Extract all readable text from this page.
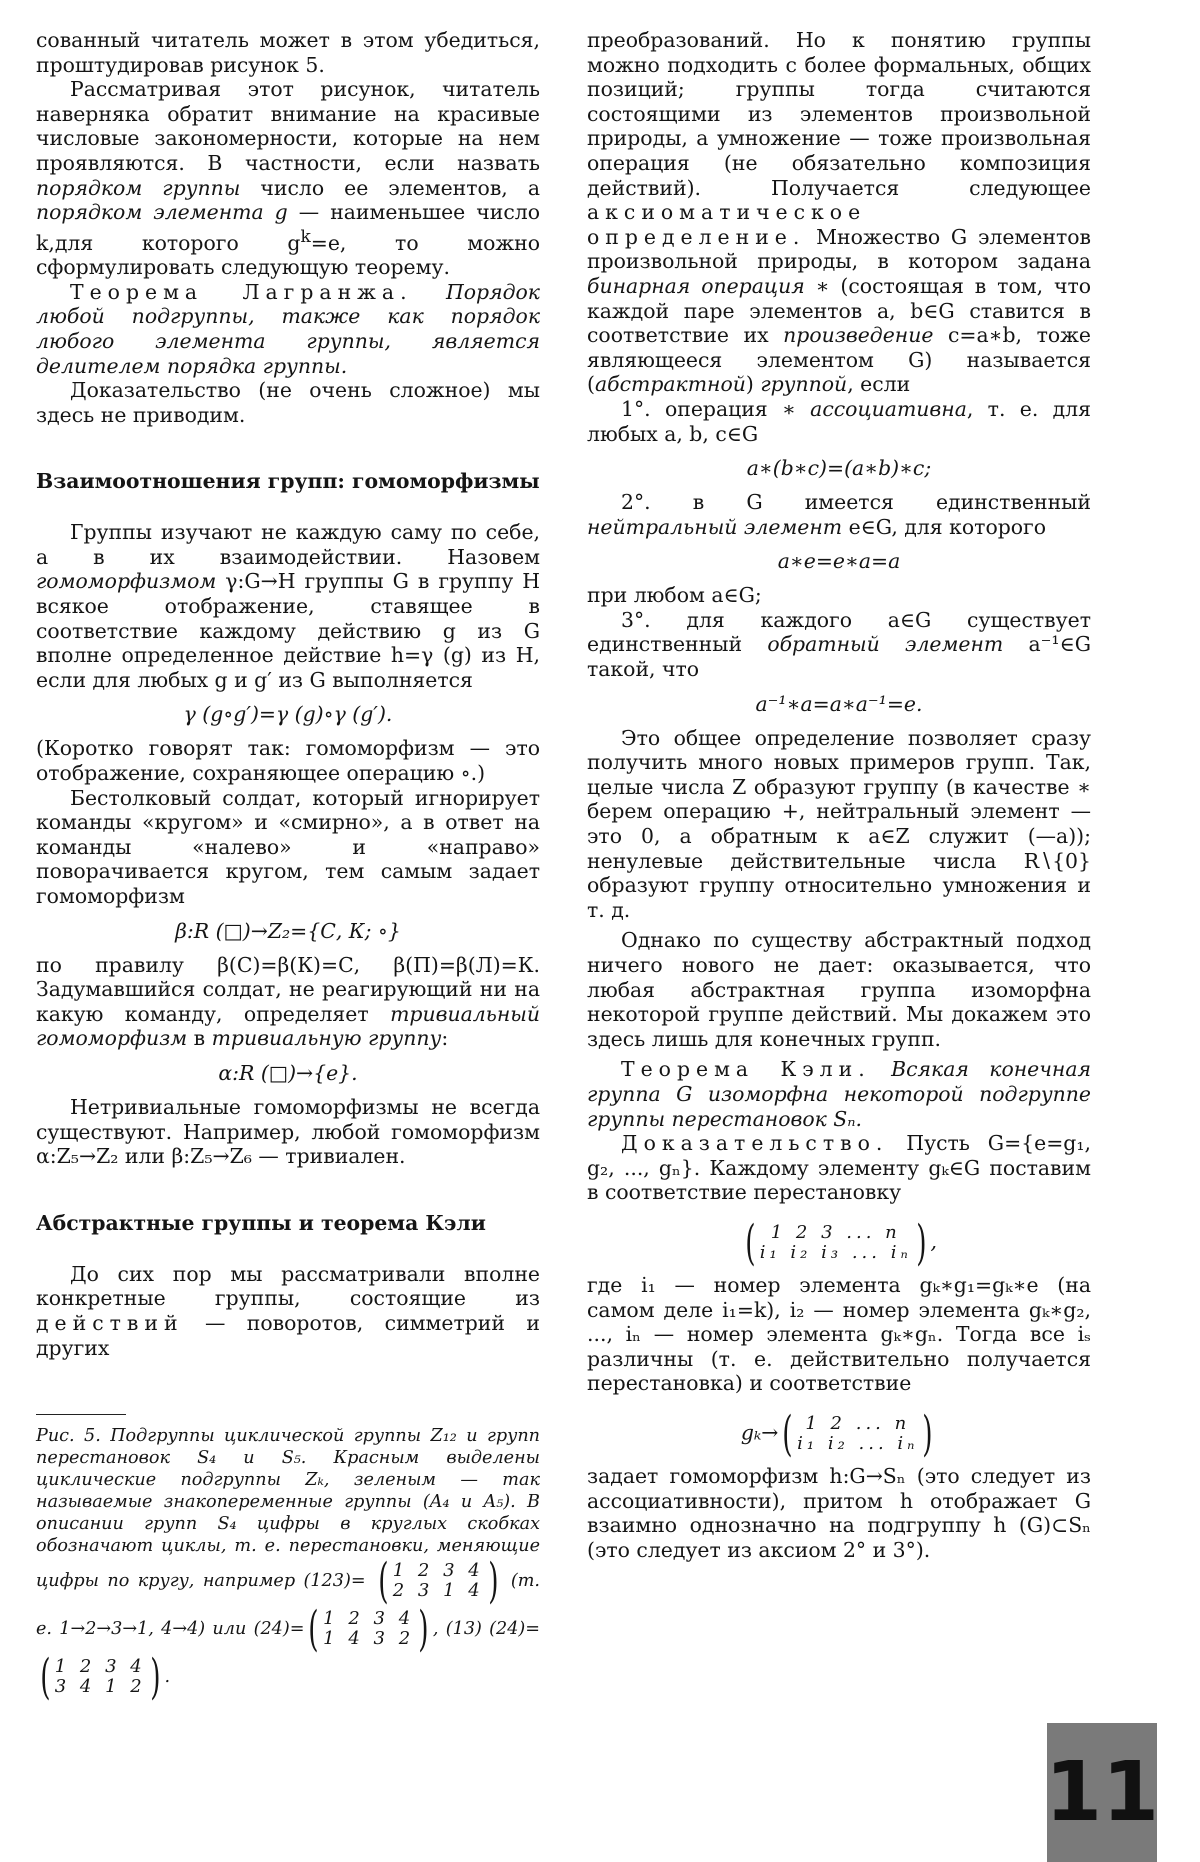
сованный читатель может в этом убедиться, проштудировав рисунок 5.

Рассматривая этот рисунок, читатель наверняка обратит внимание на красивые числовые закономерности, которые на нем проявляются. В частности, если назвать порядком группы число ее элементов, а порядком элемента g — наименьшее число k,для которого $g^k=e$, то можно сформулировать следующую теорему.

Теорема Лагранжа. Порядок любой подгруппы, также как порядок любого элемента группы, является делителем порядка группы.

Доказательство (не очень сложное) мы здесь не приводим.

Взаимоотношения групп: гомоморфизмы

Группы изучают не каждую саму по себе, а в их взаимодействии. Назовем гомоморфизмом γ:G→H группы G в группу H всякое отображение, ставящее в соответствие каждому действию g из G вполне определенное действие h=γ (g) из H, если для любых g и g′ из G выполняется

γ (g∘g′)=γ (g)∘γ (g′).

(Коротко говорят так: гомоморфизм — это отображение, сохраняющее операцию ∘.)

Бестолковый солдат, который игнорирует команды «кругом» и «смирно», а в ответ на команды «налево» и «направо» поворачивается кругом, тем самым задает гомоморфизм

β:R (□)→Z₂={С, К; ∘}

по правилу β(С)=β(К)=С, β(П)=β(Л)=К. Задумавшийся солдат, не реагирующий ни на какую команду, определяет тривиальный гомоморфизм в тривиальную группу:

α:R (□)→{e}.

Нетривиальные гомоморфизмы не всегда существуют. Например, любой гомоморфизм α:Z₅→Z₂ или β:Z₅→Z₆ — тривиален.

Абстрактные группы и теорема Кэли

До сих пор мы рассматривали вполне конкретные группы, состоящие из действий — поворотов, симметрий и других

Рис. 5. Подгруппы циклической группы Z₁₂ и групп перестановок S₄ и S₅. Красным выделены циклические подгруппы Zₖ, зеленым — так называемые знакопеременные группы (A₄ и A₅). В описании групп S₄ цифры в круглых скобках обозначают циклы, т. е. перестановки, меняющие цифры по кругу, например (123)= ( 1 2 3 4
2 3 1 4 ) (т. е. 1→2→3→1, 4→4) или (24)= ( 1 2 3 4
1 4 3 2 ) , (13) (24)=
( 1 2 3 4
3 4 1 2 ) .

преобразований. Но к понятию группы можно подходить с более формальных, общих позиций; группы тогда считаются состоящими из элементов произвольной природы, а умножение — тоже произвольная операция (не обязательно композиция действий). Получается следующее аксиоматическое определение. Множество G элементов произвольной природы, в котором задана бинарная операция ∗ (состоящая в том, что каждой паре элементов a, b∈G ставится в соответствие их произведение c=a∗b, тоже являющееся элементом G) называется (абстрактной) группой, если

1°. операция ∗ ассоциативна, т. е. для любых a, b, c∈G

a∗(b∗c)=(a∗b)∗c;

2°. в G имеется единственный нейтральный элемент e∈G, для которого

a∗e=e∗a=a

при любом a∈G;

3°. для каждого a∈G существует единственный обратный элемент a⁻¹∈G такой, что

a⁻¹∗a=a∗a⁻¹=e.

Это общее определение позволяет сразу получить много новых примеров групп. Так, целые числа Z образуют группу (в качестве ∗ берем операцию +, нейтральный элемент — это 0, а обратным к a∈Z служит (—a)); ненулевые действительные числа R∖{0} образуют группу относительно умножения и т. д.

Однако по существу абстрактный подход ничего нового не дает: оказывается, что любая абстрактная группа изоморфна некоторой группе действий. Мы докажем это здесь лишь для конечных групп.

Теорема Кэли. Всякая конечная группа G изоморфна некоторой подгруппе группы перестановок Sₙ.

Доказательство. Пусть G={e=g₁, g₂, ..., gₙ}. Каждому элементу gₖ∈G поставим в соответствие перестановку

( 1 2 3 ... n
i₁ i₂ i₃ ... iₙ ) ,

где i₁ — номер элемента gₖ∗g₁=gₖ∗e (на самом деле i₁=k), i₂ — номер элемента gₖ∗g₂, ..., iₙ — номер элемента gₖ∗gₙ. Тогда все iₛ различны (т. е. действительно получается перестановка) и соответствие

gₖ→ ( 1 2 ... n
i₁ i₂ ... iₙ )

задает гомоморфизм h:G→Sₙ (это следует из ассоциативности), притом h отображает G взаимно однозначно на подгруппу h (G)⊂Sₙ (это следует из аксиом 2° и 3°).

11
